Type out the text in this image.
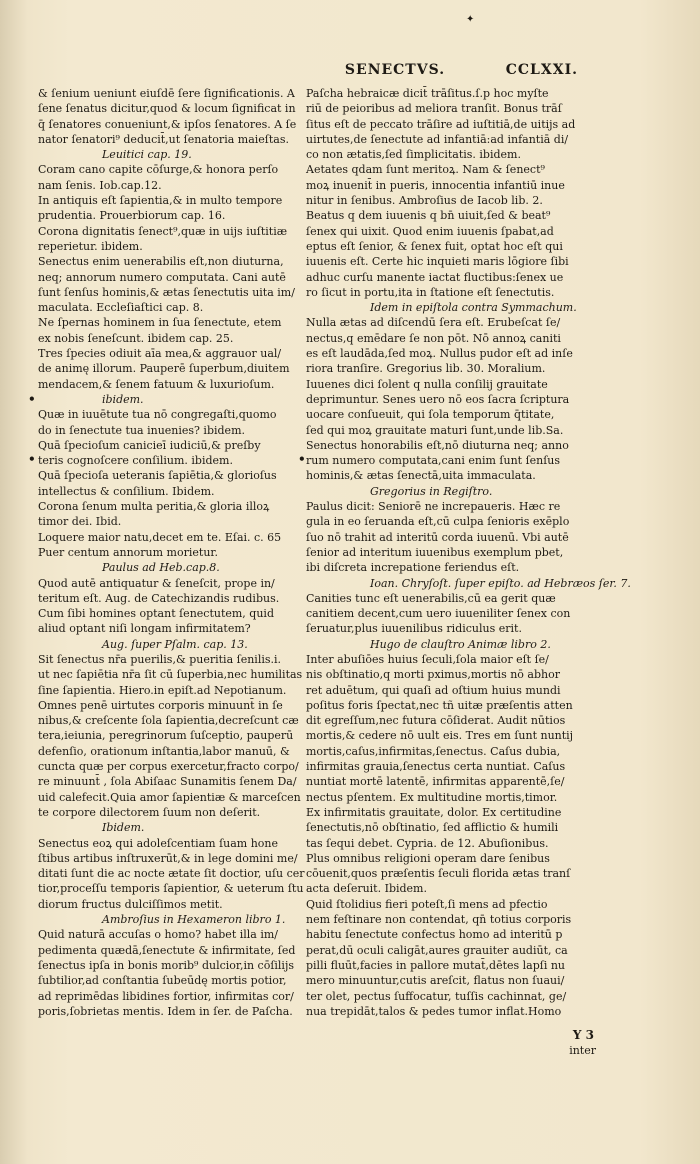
✦
SENECTVS.	CCLXXI.
& ſenium ueniunt eiuſdē ſere ſignificationis. A
ſene ſenatus dicitur,quod & locum ſignificat in
q̄ ſenatores conueniunt,& ipſos ſenatores. A ſe
nator ſenatori⁹ deducit̄,ut ſenatoria maieſtas.
Leuitici cap. 19.
Coram cano capite cōſurge,& honora perſo
nam ſenis. Iob.cap.12.
In antiquis eſt ſapientia,& in multo tempore
prudentia. Prouerbiorum cap. 16.
Corona dignitatis ſenect⁹,quæ in uijs iuſtitiæ
reperietur. ibidem.
Senectus enim uenerabilis eſt,non diuturna,
neq; annorum numero computata. Cani autē
ſunt ſenſus hominis,& ætas ſenectutis uita im/
maculata. Eccleſiaſtici cap. 8.
Ne ſpernas hominem in ſua ſenectute, etem
ex nobis ſeneſcunt. ibidem cap. 25.
Tres ſpecies odiuit aīa mea,& aggrauor ual/
de animę illorum. Pauperē ſuperbum,diuitem
mendacem,& ſenem fatuum & luxurioſum.
ibidem.
Quæ in iuuētute tua nō congregaſti,quomo
do in ſenectute tua inuenies? ibidem.
Quā ſpecioſum canicieī iudiciū,& preſby
teris cognoſcere conſilium. ibidem.
Quā ſpecioſa ueteranis ſapiētia,& glorioſus
intellectus & conſilium. Ibidem.
Corona ſenum multa peritia,& gloria illoꝝ
timor dei. Ibid.
Loquere maior natu,decet em te. Eſai. c. 65
Puer centum annorum morietur.
Paulus ad Heb.cap.8.
Quod autē antiquatur & ſeneſcit, prope in/
teritum eſt. Aug. de Catechizandis rudibus.
Cum ſibi homines optant ſenectutem, quid
aliud optant niſi longam infirmitatem?
Aug. ſuper Pſalm. cap. 13.
Sit ſenectus nr̄a puerilis,& pueritia ſenilis.i.
ut nec ſapiētia nr̄a ſit cū ſuperbia,nec humilitas
ſine ſapientia. Hiero.in epiſt.ad Nepotianum.
Omnes penē uirtutes corporis minuunt̄ in ſe
nibus,& creſcente ſola ſapientia,decreſcunt cæ
tera,ieiunia, peregrinorum ſuſceptio, pauperū
defenſio, orationum inſtantia,labor manuū, &
cuncta quæ per corpus exercetur,fracto corpo/
re minuunt̄ , ſola Abiſaac Sunamitis ſenem Da/
uid calefecit.Quia amor ſapientiæ & marceſcen
te corpore dilectorem ſuum non deſerit.
Ibidem.
Senectus eoꝝ qui adoleſcentiam ſuam hone
ſtibus artibus inſtruxerūt,& in lege domini me/
ditati ſunt die ac nocte ætate ſit doctior, uſu cer
tior,proceſſu temporis ſapientior, & ueterum ſtu
diorum fructus dulciſſimos metit.
Ambroſius in Hexameron libro 1.
Quid naturā accuſas o homo? habet illa im/
pedimenta quædā,ſenectute & infirmitate, ſed
ſenectus ipſa in bonis morib⁹ dulcior,in cōſilijs
ſubtilior,ad conſtantia ſubeūdę mortis potior,
ad reprimēdas libidines fortior, infirmitas cor/
poris,ſobrietas mentis. Idem in ſer. de Paſcha.
Paſcha hebraicæ dicit̄ trāſitus.ſ.p hoc myſte
riū de peioribus ad meliora tranſit. Bonus trāſ
ſitus eſt de peccato trāſire ad iuſtitiā,de uitijs ad
uirtutes,de ſenectute ad infantiā:ad infantiā di/
co non ætatis,ſed ſimplicitatis. ibidem.
Aetates qdam ſunt meritoꝝ. Nam & ſenect⁹
moꝝ inuenit̄ in pueris, innocentia infantiū inue
nitur in ſenibus. Ambroſius de Iacob lib. 2.
Beatus q dem iuuenis q bn̄ uiuit,ſed & beat⁹
ſenex qui uixit. Quod enim iuuenis ſpabat,ad
eptus eſt ſenior, & ſenex fuit, optat hoc eſt qui
iuuenis eſt. Certe hic inquieti maris lōgiore ſibi
adhuc curſu manente iactat fluctibus:ſenex ue
ro ſicut in portu,ita in ſtatione eſt ſenectutis.
Idem in epiſtola contra Symmachum.
Nulla ætas ad diſcendū ſera eſt. Erubeſcat ſe/
nectus,q emēdare ſe non pōt. Nō annoꝝ caniti
es eſt laudāda,ſed moꝝ. Nullus pudor eſt ad inſe
riora tranſire. Gregorius lib. 30. Moralium.
Iuuenes dici ſolent q nulla conſilij grauitate
deprimuntur. Senes uero nō eos ſacra ſcriptura
uocare conſueuit, qui ſola temporum q̄titate,
ſed qui moꝝ grauitate maturi ſunt,unde lib.Sa.
Senectus honorabilis eſt,nō diuturna neq; anno
rum numero computata,cani enim ſunt ſenſus
hominis,& ætas ſenectā,uita immaculata.
Gregorius in Regiſtro.
Paulus dicit: Seniorē ne increpaueris. Hæc re
gula in eo ſeruanda eſt,cū culpa ſenioris exēplo
ſuo nō trahit ad interitū corda iuuenū. Vbi autē
ſenior ad interitum iuuenibus exemplum pbet,
ibi diſcreta increpatione feriendus eſt.
Ioan. Chryſoſt. ſuper epiſto. ad Hebræos ſer. 7.
Canities tunc eſt uenerabilis,cū ea gerit quæ
canitiem decent,cum uero iuueniliter ſenex con
ſeruatur,plus iuuenilibus ridiculus erit.
Hugo de clauſtro Animæ libro 2.
Inter abuſiōes huius ſeculi,ſola maior eſt ſe/
nis obſtinatio,q morti pximus,mortis nō abhor
ret aduētum, qui quaſi ad oſtium huius mundi
poſitus foris ſpectat,nec tñ uitæ præſentis atten
dit egreſſum,nec futura cōſiderat. Audit nūtios
mortis,& cedere nō uult eis. Tres em ſunt nuntij
mortis,caſus,infirmitas,ſenectus. Caſus dubia,
infirmitas grauia,ſenectus certa nuntiat. Caſus
nuntiat mortē latentē, infirmitas apparentē,ſe/
nectus pſentem. Ex multitudine mortis,timor.
Ex infirmitatis grauitate, dolor. Ex certitudine
ſenectutis,nō obſtinatio, ſed afflictio & humili
tas ſequi debet. Cypria. de 12. Abuſionibus.
Plus omnibus religioni operam dare ſenibus
cōuenit,quos præſentis ſeculi florida ætas tranſ
acta deſeruit. Ibidem.
Quid ſtolidius fieri poteſt,ſi mens ad pfectio
nem feſtinare non contendat, qn̄ totius corporis
habitu ſenectute confectus homo ad interitū p
perat,dū oculi caligāt,aures grauiter audiūt, ca
pilli fluūt,facies in pallore mutat̄,dētes lapſi nu
mero minuuntur,cutis areſcit, flatus non ſuaui/
ter olet, pectus ſuffocatur, tuſſis cachinnat, ge/
nua trepidāt,talos & pedes tumor inflat.Homo
•
•	•
Y 3
inter
